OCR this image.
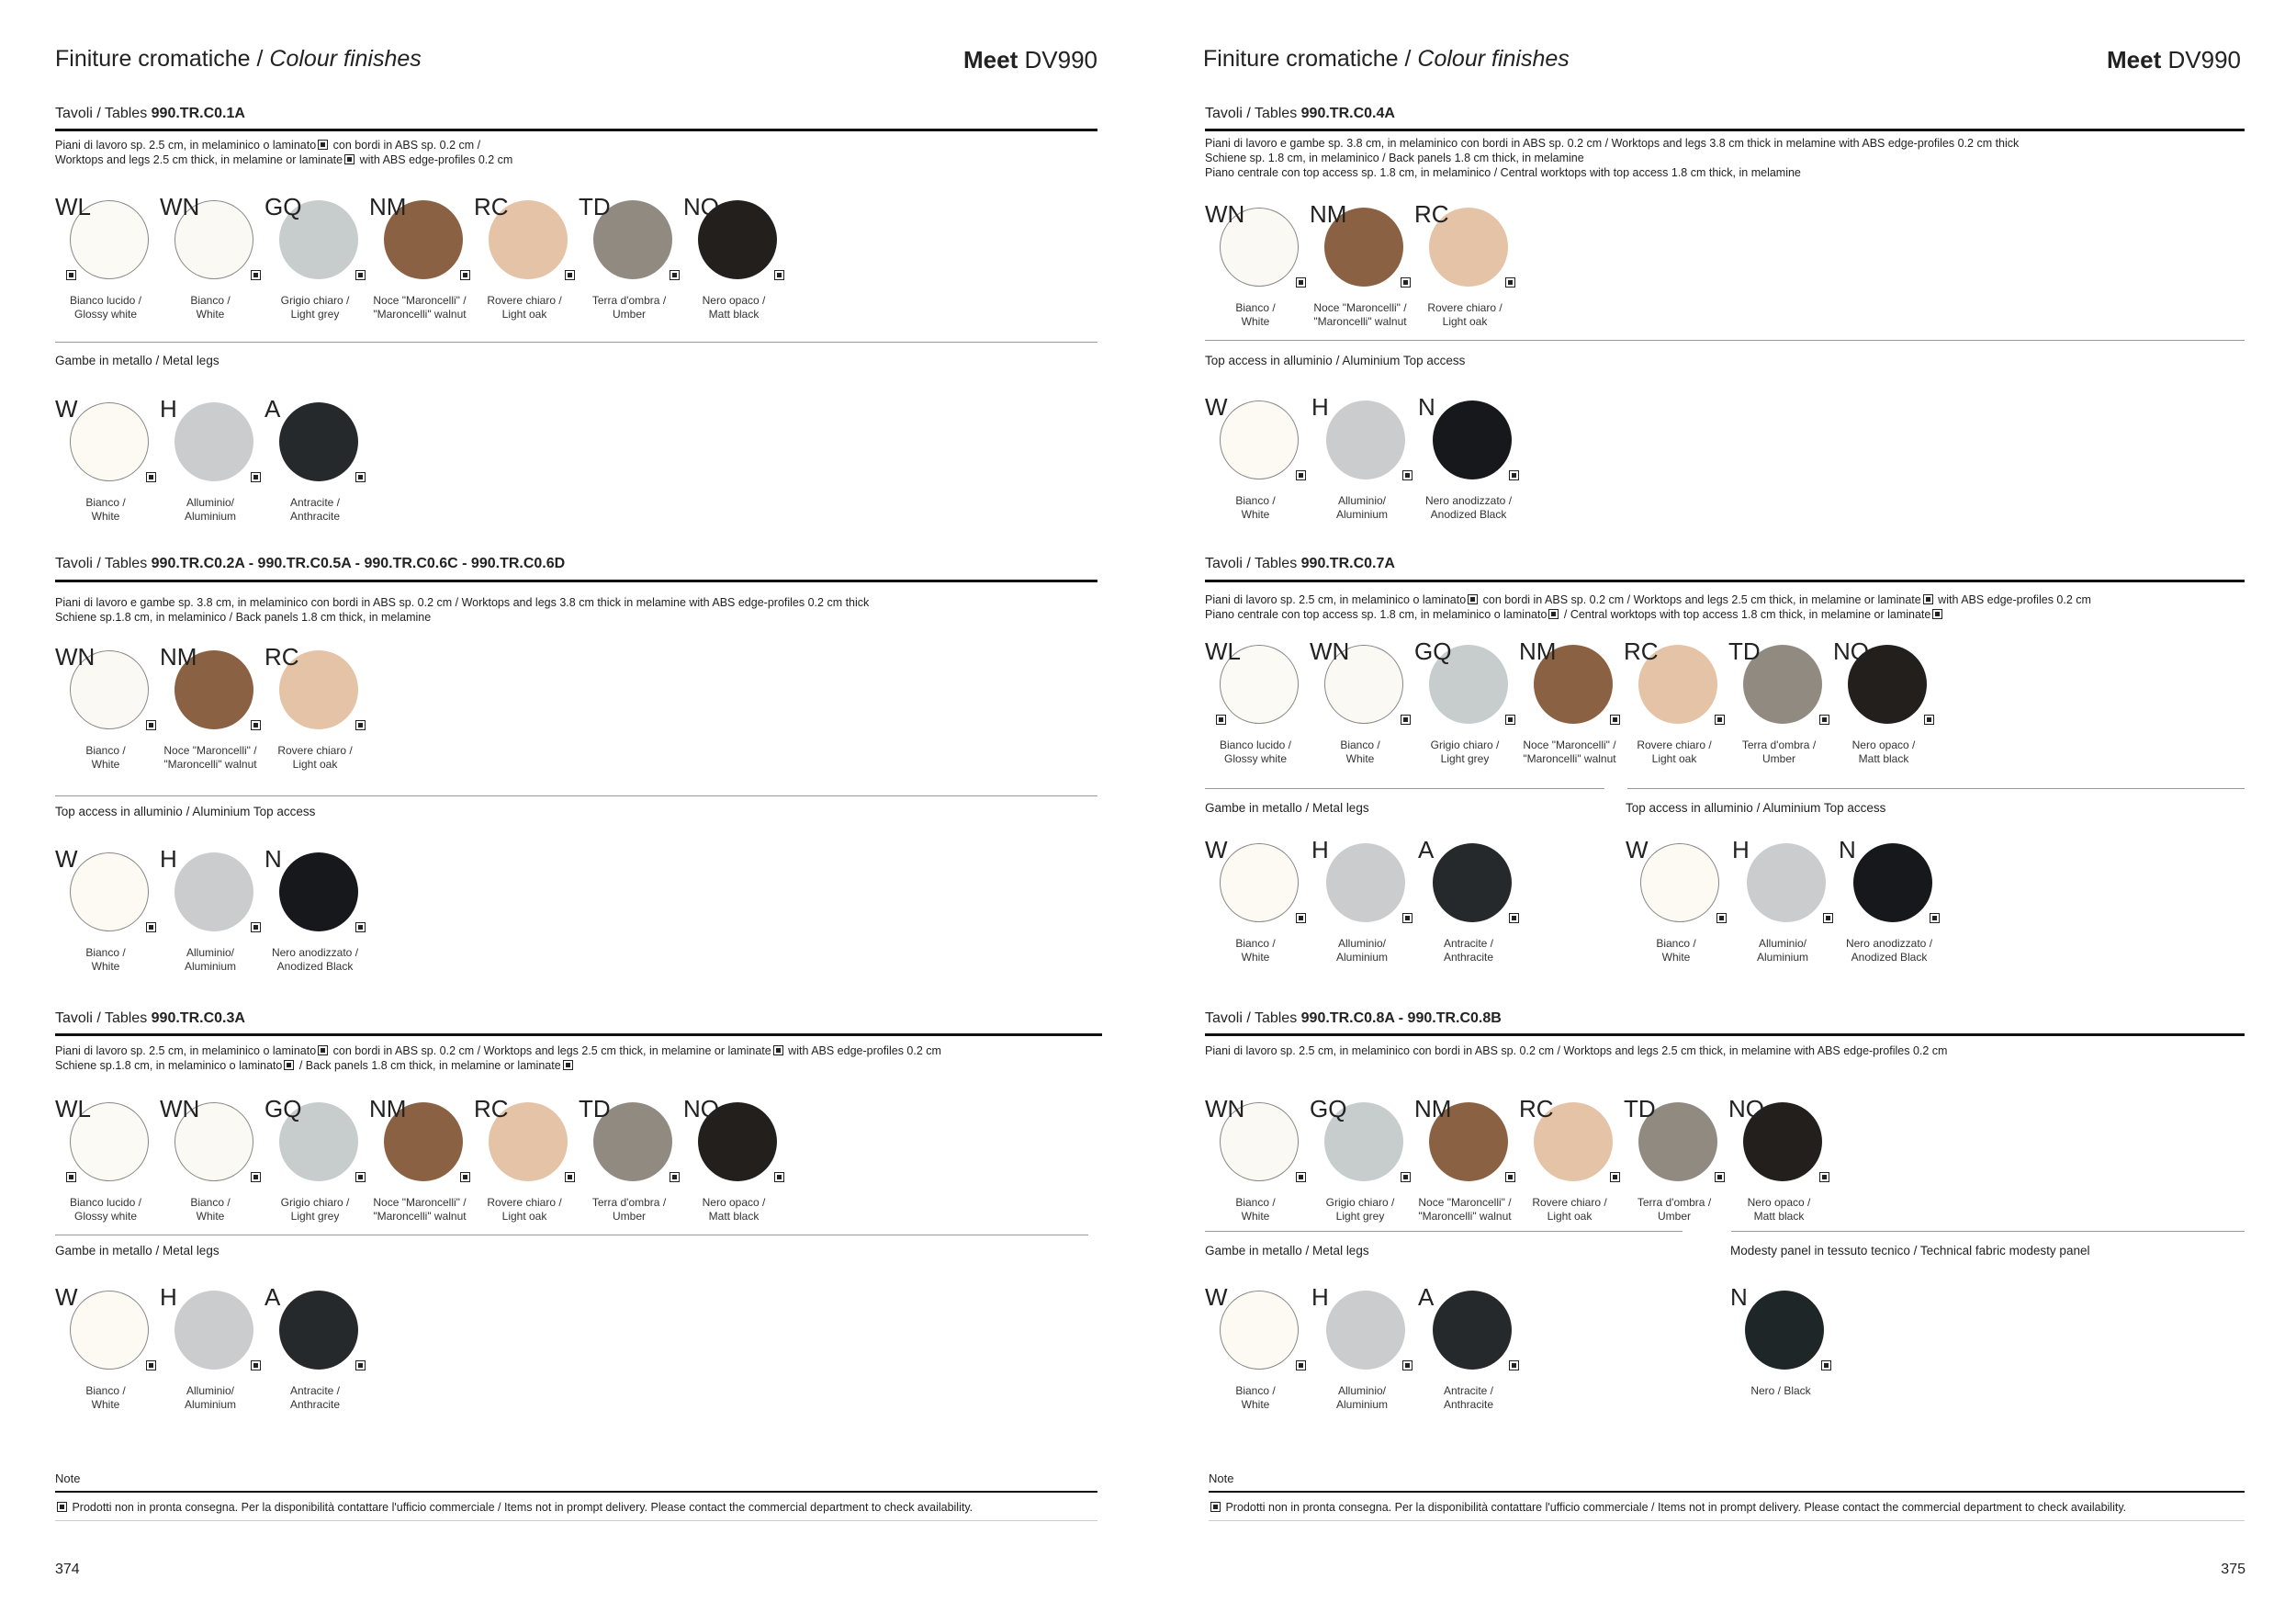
Finiture cromatiche / Colour finishes	Meet DV990
Tavoli / Tables 990.TR.C0.1A
Piani di lavoro sp. 2.5 cm, in melaminico o laminato con bordi in ABS sp. 0.2 cm /
Worktops and legs 2.5 cm thick, in melamine or laminate with ABS edge-profiles 0.2 cm
Gambe in metallo / Metal legs
Tavoli / Tables 990.TR.C0.2A - 990.TR.C0.5A - 990.TR.C0.6C - 990.TR.C0.6D
Piani di lavoro e gambe sp. 3.8 cm, in melaminico con bordi in ABS sp. 0.2 cm / Worktops and legs 3.8 cm thick in melamine with ABS edge-profiles 0.2 cm thick
Schiene sp.1.8 cm, in melaminico / Back panels 1.8 cm thick, in melamine
Top access in alluminio / Aluminium Top access
Tavoli / Tables 990.TR.C0.3A
Piani di lavoro sp. 2.5 cm, in melaminico o laminato con bordi in ABS sp. 0.2 cm / Worktops and legs 2.5 cm thick, in melamine or laminate with ABS edge-profiles 0.2 cm
Schiene sp.1.8 cm, in melaminico o laminato / Back panels 1.8 cm thick, in melamine or laminate
Gambe in metallo / Metal legs
Note
Prodotti non in pronta consegna. Per la disponibilità contattare l'ufficio commerciale / Items not in prompt delivery. Please contact the commercial department to check availability.
374
WL
Bianco lucido /
Glossy white
WN
Bianco /
White
GQ
Grigio chiaro /
Light grey
NM
Noce "Maroncelli" /
"Maroncelli" walnut
RC
Rovere chiaro /
Light oak
TD
Terra d'ombra /
Umber
NO
Nero opaco /
Matt black
W
Bianco /
White
H
Alluminio/
Aluminium
A
Antracite /
Anthracite
WN
Bianco /
White
NM
Noce "Maroncelli" /
"Maroncelli" walnut
RC
Rovere chiaro /
Light oak
W
Bianco /
White
H
Alluminio/
Aluminium
N
Nero anodizzato /
Anodized Black
WL
Bianco lucido /
Glossy white
WN
Bianco /
White
GQ
Grigio chiaro /
Light grey
NM
Noce "Maroncelli" /
"Maroncelli" walnut
RC
Rovere chiaro /
Light oak
TD
Terra d'ombra /
Umber
NO
Nero opaco /
Matt black
W
Bianco /
White
H
Alluminio/
Aluminium
A
Antracite /
Anthracite
Finiture cromatiche / Colour finishes	Meet DV990
Tavoli / Tables 990.TR.C0.4A
Piani di lavoro e gambe sp. 3.8 cm, in melaminico con bordi in ABS sp. 0.2 cm / Worktops and legs 3.8 cm thick in melamine with ABS edge-profiles 0.2 cm thick
Schiene sp. 1.8 cm, in melaminico / Back panels 1.8 cm thick, in melamine
Piano centrale con top access sp. 1.8 cm, in melaminico / Central worktops with top access 1.8 cm thick, in melamine
Top access in alluminio / Aluminium Top access
Tavoli / Tables 990.TR.C0.7A
Piani di lavoro sp. 2.5 cm, in melaminico o laminato con bordi in ABS sp. 0.2 cm / Worktops and legs 2.5 cm thick, in melamine or laminate with ABS edge-profiles 0.2 cm
Piano centrale con top access sp. 1.8 cm, in melaminico o laminato / Central worktops with top access 1.8 cm thick, in melamine or laminate
Gambe in metallo / Metal legs	Top access in alluminio / Aluminium Top access
Tavoli / Tables 990.TR.C0.8A - 990.TR.C0.8B
Piani di lavoro sp. 2.5 cm, in melaminico con bordi in ABS sp. 0.2 cm / Worktops and legs 2.5 cm thick, in melamine with ABS edge-profiles 0.2 cm
Gambe in metallo / Metal legs	Modesty panel in tessuto tecnico / Technical fabric modesty panel
Note
Prodotti non in pronta consegna. Per la disponibilità contattare l'ufficio commerciale / Items not in prompt delivery. Please contact the commercial department to check availability.
375
WN
Bianco /
White
NM
Noce "Maroncelli" /
"Maroncelli" walnut
RC
Rovere chiaro /
Light oak
W
Bianco /
White
H
Alluminio/
Aluminium
N
Nero anodizzato /
Anodized Black
WL
Bianco lucido /
Glossy white
WN
Bianco /
White
GQ
Grigio chiaro /
Light grey
NM
Noce "Maroncelli" /
"Maroncelli" walnut
RC
Rovere chiaro /
Light oak
TD
Terra d'ombra /
Umber
NO
Nero opaco /
Matt black
W
Bianco /
White
H
Alluminio/
Aluminium
A
Antracite /
Anthracite
W
Bianco /
White
H
Alluminio/
Aluminium
N
Nero anodizzato /
Anodized Black
WN
Bianco /
White
GQ
Grigio chiaro /
Light grey
NM
Noce "Maroncelli" /
"Maroncelli" walnut
RC
Rovere chiaro /
Light oak
TD
Terra d'ombra /
Umber
NO
Nero opaco /
Matt black
W
Bianco /
White
H
Alluminio/
Aluminium
A
Antracite /
Anthracite
N
Nero / Black
